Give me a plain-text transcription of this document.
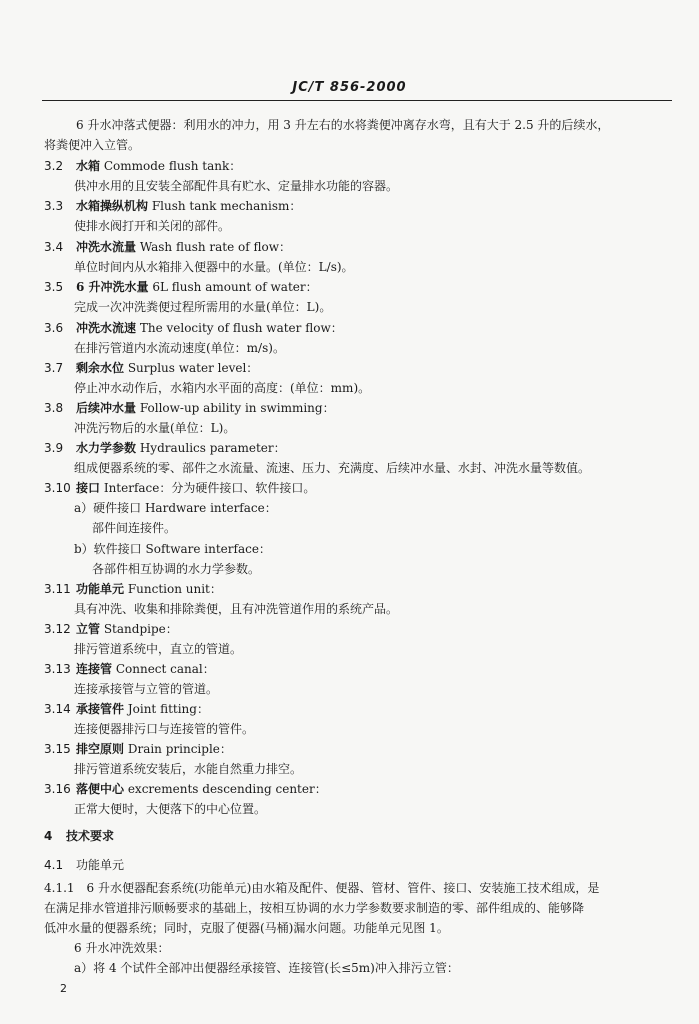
JC/T 856-2000
6 升水冲落式便器：利用水的冲力，用 3 升左右的水将粪便冲离存水弯，且有大于 2.5 升的后续水，
将粪便冲入立管。
3.2 水箱 Commode flush tank：
供冲水用的且安装全部配件具有贮水、定量排水功能的容器。
3.3 水箱操纵机构 Flush tank mechanism：
使排水阀打开和关闭的部件。
3.4 冲洗水流量 Wash flush rate of flow：
单位时间内从水箱排入便器中的水量。(单位：L/s)。
3.5 6 升冲洗水量 6L flush amount of water：
完成一次冲洗粪便过程所需用的水量(单位：L)。
3.6 冲洗水流速 The velocity of flush water flow：
在排污管道内水流动速度(单位：m/s)。
3.7 剩余水位 Surplus water level：
停止冲水动作后，水箱内水平面的高度：(单位：mm)。
3.8 后续冲水量 Follow-up ability in swimming：
冲洗污物后的水量(单位：L)。
3.9 水力学参数 Hydraulics parameter：
组成便器系统的零、部件之水流量、流速、压力、充满度、后续冲水量、水封、冲洗水量等数值。
3.10 接口 Interface：分为硬件接口、软件接口。
a）硬件接口 Hardware interface：
部件间连接件。
b）软件接口 Software interface：
各部件相互协调的水力学参数。
3.11 功能单元 Function unit：
具有冲洗、收集和排除粪便，且有冲洗管道作用的系统产品。
3.12 立管 Standpipe：
排污管道系统中，直立的管道。
3.13 连接管 Connect canal：
连接承接管与立管的管道。
3.14 承接管件 Joint fitting：
连接便器排污口与连接管的管件。
3.15 排空原则 Drain principle：
排污管道系统安装后，水能自然重力排空。
3.16 落便中心 excrements descending center：
正常大便时，大便落下的中心位置。
4 技术要求
4.1 功能单元
4.1.1　6 升水便器配套系统(功能单元)由水箱及配件、便器、管材、管件、接口、安装施工技术组成，是
在满足排水管道排污顺畅要求的基础上，按相互协调的水力学参数要求制造的零、部件组成的、能够降
低冲水量的便器系统；同时，克服了便器(马桶)漏水问题。功能单元见图 1。
6 升水冲洗效果：
a）将 4 个试件全部冲出便器经承接管、连接管(长≤5m)冲入排污立管：
2
